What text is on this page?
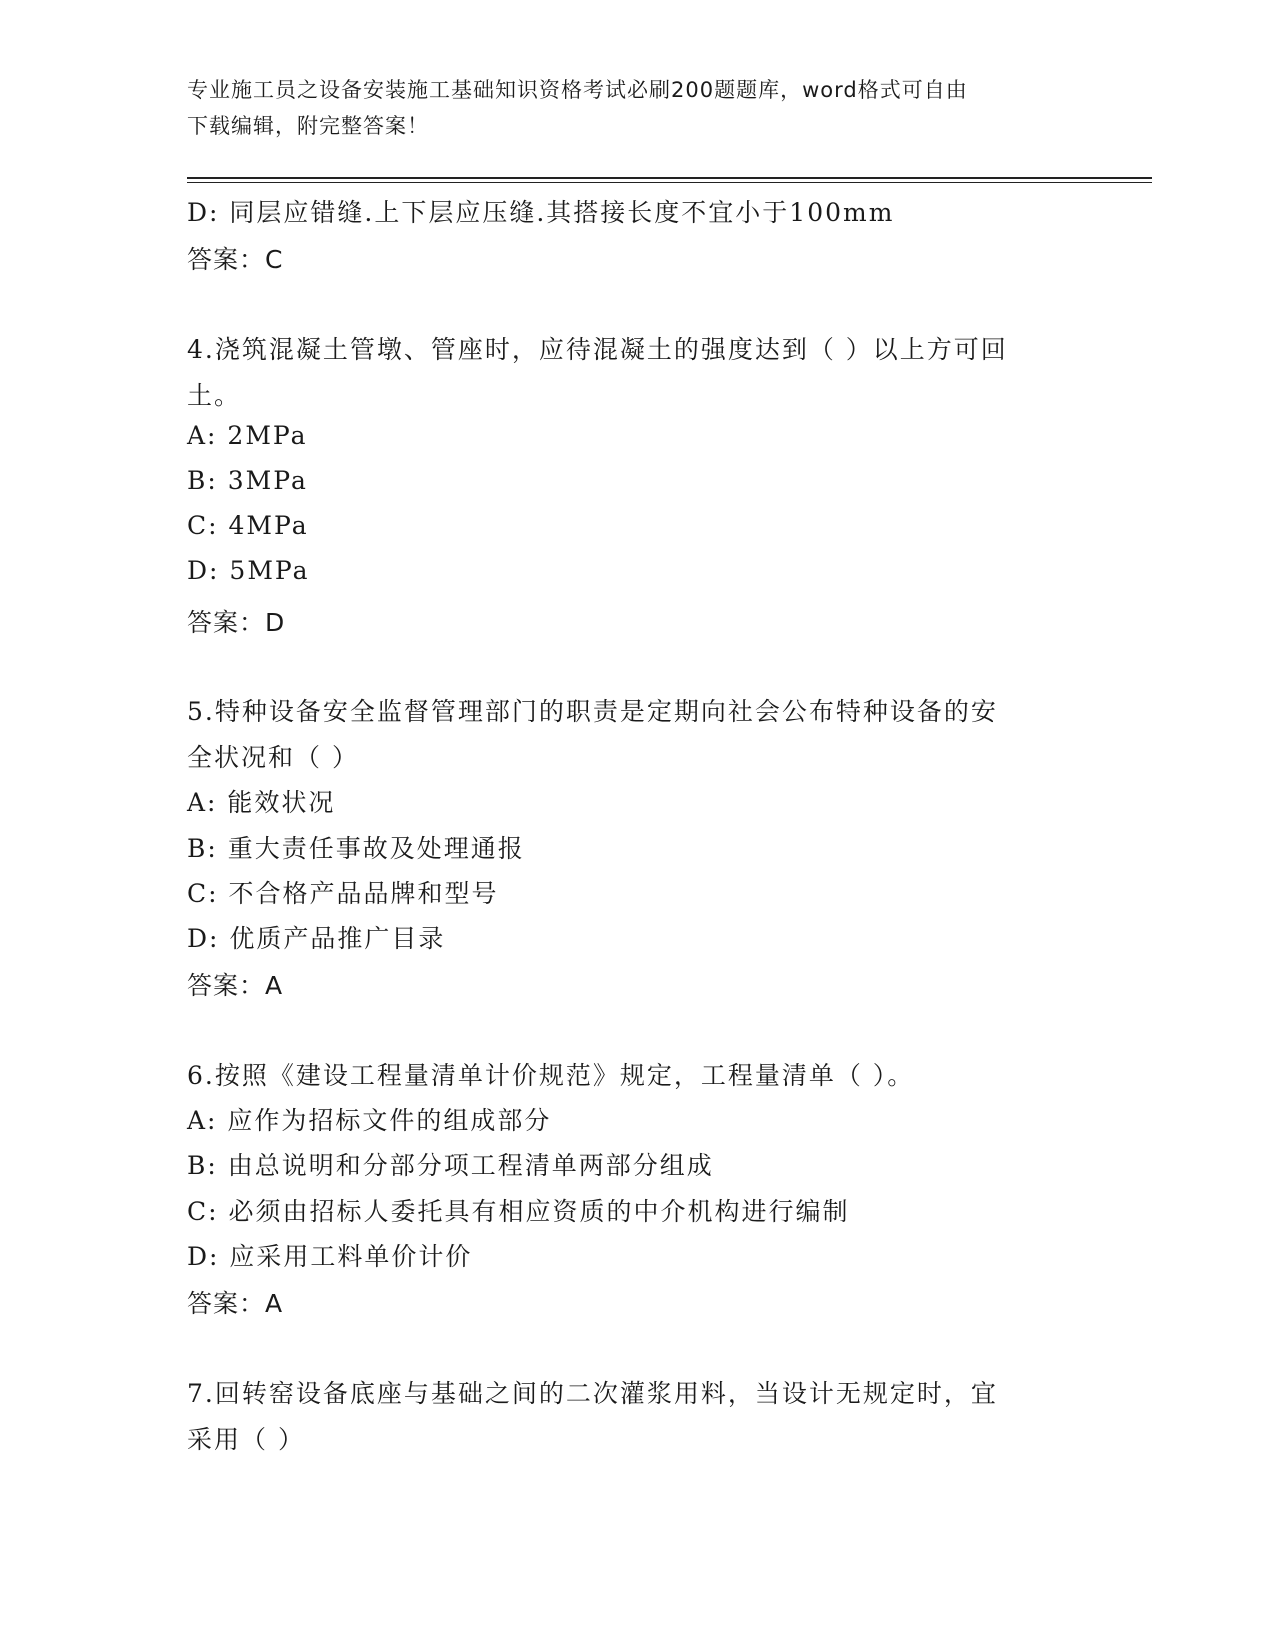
专业施工员之设备安装施工基础知识资格考试必刷200题题库，word格式可自由
下载编辑，附完整答案！
D: 同层应错缝.上下层应压缝.其搭接长度不宜小于100mm
答案：C
4.浇筑混凝土管墩、管座时，应待混凝土的强度达到（ ）以上方可回
土。
A: 2MPa
B: 3MPa
C: 4MPa
D: 5MPa
答案：D
5.特种设备安全监督管理部门的职责是定期向社会公布特种设备的安
全状况和（ ）
A: 能效状况
B: 重大责任事故及处理通报
C: 不合格产品品牌和型号
D: 优质产品推广目录
答案：A
6.按照《建设工程量清单计价规范》规定，工程量清单（ ）。
A: 应作为招标文件的组成部分
B: 由总说明和分部分项工程清单两部分组成
C: 必须由招标人委托具有相应资质的中介机构进行编制
D: 应采用工料单价计价
答案：A
7.回转窑设备底座与基础之间的二次灌浆用料，当设计无规定时，宜
采用（ ）
